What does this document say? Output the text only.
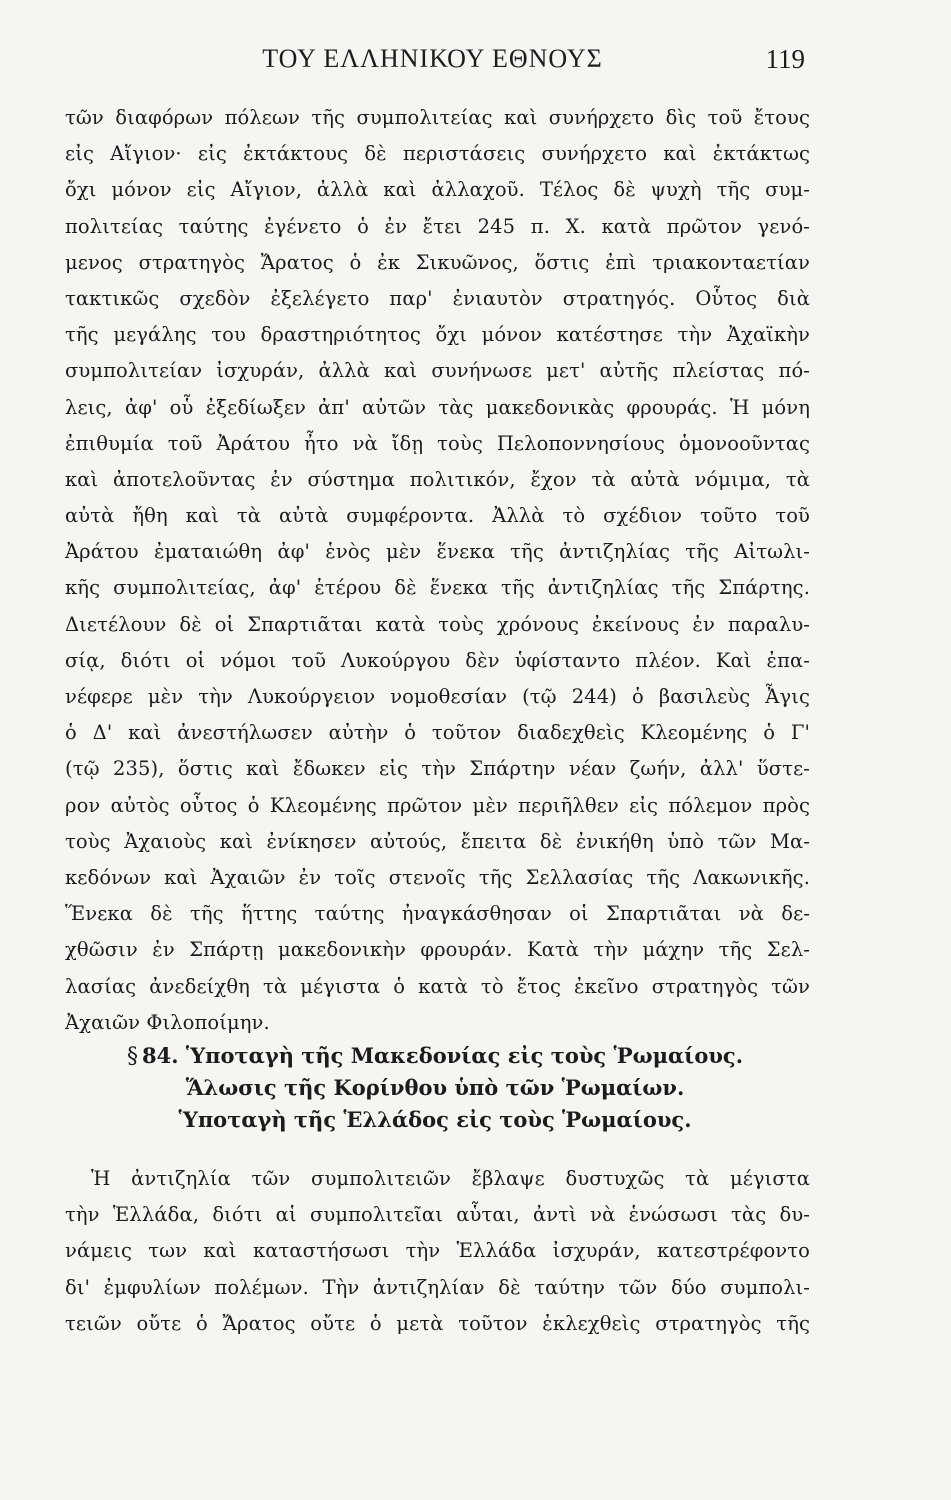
ΤΟΥ ΕΛΛΗΝΙΚΟΥ ΕΘΝΟΥΣ	119
τῶν διαφόρων πόλεων τῆς συμπολιτείας καὶ συνήρχετο δὶς τοῦ ἔτους
εἰς Αἴγιον· εἰς ἐκτάκτους δὲ περιστάσεις συνήρχετο καὶ ἐκτάκτως
ὄχι μόνον εἰς Αἴγιον, ἀλλὰ καὶ ἀλλαχοῦ. Τέλος δὲ ψυχὴ τῆς συμ-
πολιτείας ταύτης ἐγένετο ὁ ἐν ἔτει 245 π. Χ. κατὰ πρῶτον γενό-
μενος στρατηγὸς Ἄρατος ὁ ἐκ Σικυῶνος, ὅστις ἐπὶ τριακονταετίαν
τακτικῶς σχεδὸν ἐξελέγετο παρ' ἐνιαυτὸν στρατηγός. Οὗτος διὰ
τῆς μεγάλης του δραστηριότητος ὄχι μόνον κατέστησε τὴν Ἀχαϊκὴν
συμπολιτείαν ἰσχυράν, ἀλλὰ καὶ συνήνωσε μετ' αὐτῆς πλείστας πό-
λεις, ἀφ' οὗ ἐξεδίωξεν ἀπ' αὐτῶν τὰς μακεδονικὰς φρουράς. Ἡ μόνη
ἐπιθυμία τοῦ Ἀράτου ἦτο νὰ ἴδῃ τοὺς Πελοποννησίους ὁμονοοῦντας
καὶ ἀποτελοῦντας ἐν σύστημα πολιτικόν, ἔχον τὰ αὐτὰ νόμιμα, τὰ
αὐτὰ ἤθη καὶ τὰ αὐτὰ συμφέροντα. Ἀλλὰ τὸ σχέδιον τοῦτο τοῦ
Ἀράτου ἐματαιώθη ἀφ' ἑνὸς μὲν ἕνεκα τῆς ἀντιζηλίας τῆς Αἰτωλι-
κῆς συμπολιτείας, ἀφ' ἑτέρου δὲ ἕνεκα τῆς ἀντιζηλίας τῆς Σπάρτης.
Διετέλουν δὲ οἱ Σπαρτιᾶται κατὰ τοὺς χρόνους ἐκείνους ἐν παραλυ-
σίᾳ, διότι οἱ νόμοι τοῦ Λυκούργου δὲν ὑφίσταντο πλέον. Καὶ ἐπα-
νέφερε μὲν τὴν Λυκούργειον νομοθεσίαν (τῷ 244) ὁ βασιλεὺς Ἆγις
ὁ Δ' καὶ ἀνεστήλωσεν αὐτὴν ὁ τοῦτον διαδεχθεὶς Κλεομένης ὁ Γ'
(τῷ 235), ὅστις καὶ ἔδωκεν εἰς τὴν Σπάρτην νέαν ζωήν, ἀλλ' ὕστε-
ρον αὐτὸς οὗτος ὁ Κλεομένης πρῶτον μὲν περιῆλθεν εἰς πόλεμον πρὸς
τοὺς Ἀχαιοὺς καὶ ἐνίκησεν αὐτούς, ἔπειτα δὲ ἐνικήθη ὑπὸ τῶν Μα-
κεδόνων καὶ Ἀχαιῶν ἐν τοῖς στενοῖς τῆς Σελλασίας τῆς Λακωνικῆς.
Ἕνεκα δὲ τῆς ἥττης ταύτης ἠναγκάσθησαν οἱ Σπαρτιᾶται νὰ δε-
χθῶσιν ἐν Σπάρτῃ μακεδονικὴν φρουράν. Κατὰ τὴν μάχην τῆς Σελ-
λασίας ἀνεδείχθη τὰ μέγιστα ὁ κατὰ τὸ ἔτος ἐκεῖνο στρατηγὸς τῶν
Ἀχαιῶν Φιλοποίμην.
§ 84. Ὑποταγὴ τῆς Μακεδονίας εἰς τοὺς Ῥωμαίους.
Ἅλωσις τῆς Κορίνθου ὑπὸ τῶν Ῥωμαίων.
Ὑποταγὴ τῆς Ἑλλάδος εἰς τοὺς Ῥωμαίους.
Ἡ ἀντιζηλία τῶν συμπολιτειῶν ἔβλαψε δυστυχῶς τὰ μέγιστα
τὴν Ἑλλάδα, διότι αἱ συμπολιτεῖαι αὗται, ἀντὶ νὰ ἑνώσωσι τὰς δυ-
νάμεις των καὶ καταστήσωσι τὴν Ἑλλάδα ἰσχυράν, κατεστρέφοντο
δι' ἐμφυλίων πολέμων. Τὴν ἀντιζηλίαν δὲ ταύτην τῶν δύο συμπολι-
τειῶν οὔτε ὁ Ἄρατος οὔτε ὁ μετὰ τοῦτον ἐκλεχθεὶς στρατηγὸς τῆς
